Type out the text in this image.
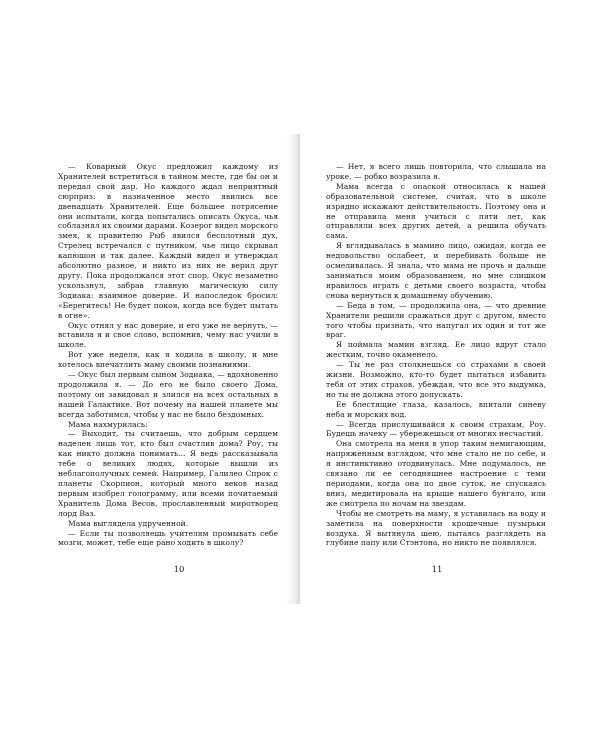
— Коварный Окус предложил каждому из Хранителей встретиться в тайном месте, где бы он и передал свой дар. Но каждого ждал неприятный сюрприз: в назначенное место явились все двенадцать Хранителей. Еще большее потрясение они испытали, когда попытались описать Окуса, чья соблазнял их своими дарами. Козерог видел морского змея, к правителю Рыб явился бесплотный дух, Стрелец встречался с путником, чье лицо скрывал капюшон и так далее. Каждый видел и утверждал абсолютно разное, и никто из них не верил друг другу. Пока продолжался этот спор, Окус незаметно ускользнул, забрав главную магическую силу Зодиака: взаимное доверие. И напоследок бросил: «Берегитесь! Не будет покоя, когда все будет пытать в огне».

Окус отнял у нас доверие, и его уже не вернуть, — вставила я и свое слово, вспомнив, чему нас учили в школе.

Вот уже неделя, как я ходила в школу, и мне хотелось впечатлить маму своими познаниями.

— Окус был первым сыном Зодиака, — вдохновенно продолжила я. — До его не было своего Дома, поэтому он завидовал и злился на всех остальных в нашей Галактике. Вот почему на нашей планете мы всегда заботимся, чтобы у нас не было бездомных.

Мама нахмурилась:

— Выходит, ты считаешь, что добрым сердцем наделен лишь тот, кто был счастлив дома? Роу, ты как никто должна понимать... Я ведь рассказывала тебе о великих людях, которые вышли из неблагополучных семей. Например, Галилео Спрок с планеты Скорпион, который много веков назад первым изобрел голограмму, или всеми почитаемый Хранитель Дома Весов, прославленный миротворец лорд Ваз.

Мама выглядела удрученной.

— Если ты позволяешь учителям промывать себе мозги, может, тебе еще рано ходить в школу?

10

— Нет, я всего лишь повторила, что слышала на уроке, — робко возразила я.

Мама всегда с опаской относилась к нашей образовательной системе, считая, что в школе изрядно искажают действительность. Поэтому она и не отправила меня учиться с пяти лет, как отправляли всех других детей, а решила обучать сама.

Я вглядывалась в мамино лицо, ожидая, когда ее недовольство ослабеет, и перебивать больше не осмеливалась. Я знала, что мама не прочь и дальше заниматься моим образованием, но мне слишком нравилось играть с детьми своего возраста, чтобы снова вернуться к домашнему обучению.

— Беда в том, — продолжила она, — что древние Хранители решили сражаться друг с другом, вместо того чтобы признать, что напугал их один и тот же враг.

Я поймала мамин взгляд. Ее лицо вдруг стало жестким, точно окаменело.

— Ты не раз столкнешься со страхами в своей жизни. Возможно, кто-то будет пытаться избавить тебя от этих страхов, убеждая, что все это выдумка, но ты не должна этого допускать.

Ее блестящие глаза, казалось, впитали синеву неба и морских вод.

— Всегда прислушивайся к своим страхам, Роу. Будешь начеку — убережешься от многих несчастий.

Она смотрела на меня в упор таким немигающим, напряженным взглядом, что мне стало не по себе, и я инстинктивно отодвинулась. Мне подумалось, не связано ли ее сегодняшнее настроение с теми периодами, когда она по двое суток, не спускаясь вниз, медитировала на крыше нашего бунгало, или же смотрела по ночам на звездам.

Чтобы не смотреть на маму, я уставилась на воду и заметила на поверхности крошечные пузырьки воздуха. Я вытянула шею, пытаясь разглядеть на глубине папу или Стэнтона, но никто не появлялся.

11
